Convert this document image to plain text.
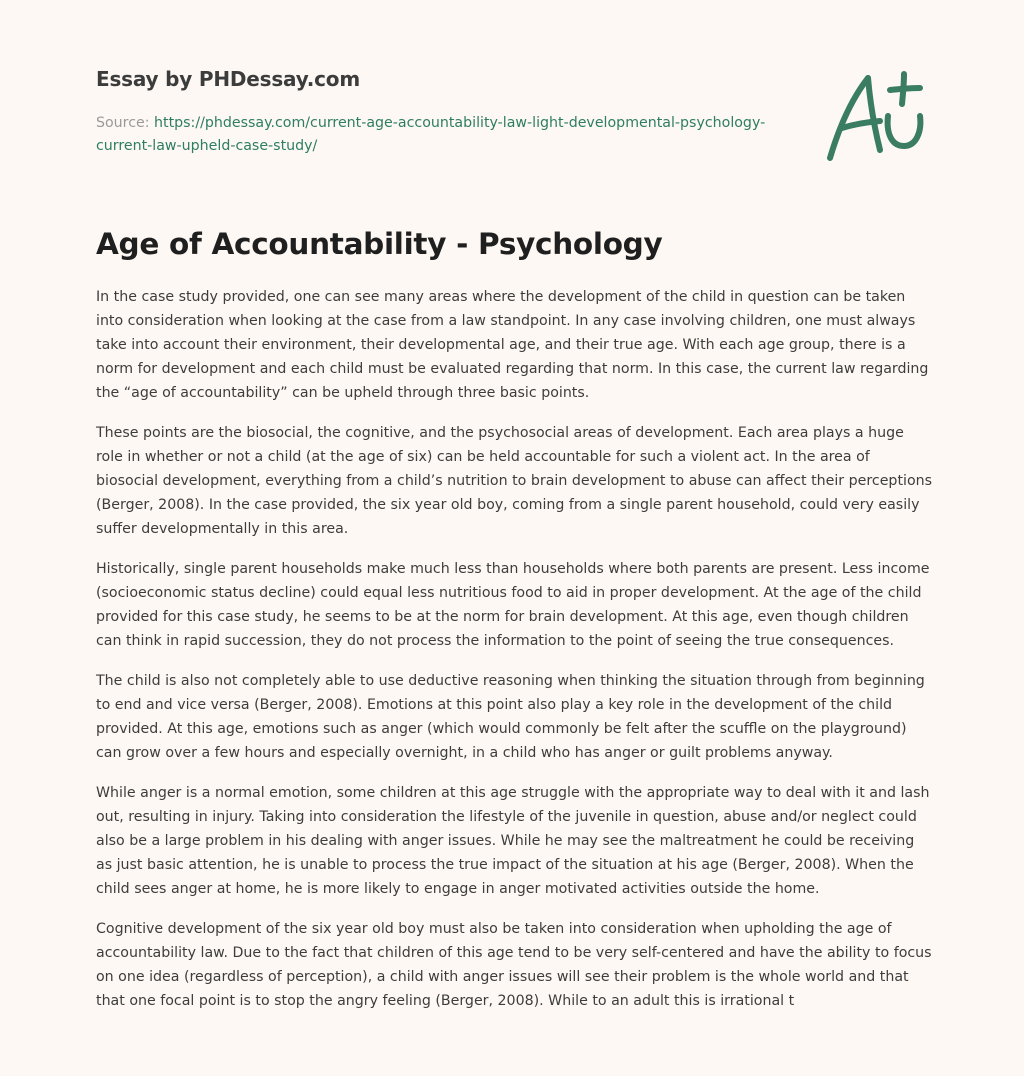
Essay by PHDessay.com
Source: https://phdessay.com/current-age-accountability-law-light-developmental-psychology-current-law-upheld-case-study/
Age of Accountability - Psychology

In the case study provided, one can see many areas where the development of the child in question can be taken into consideration when looking at the case from a law standpoint. In any case involving children, one must always take into account their environment, their developmental age, and their true age. With each age group, there is a norm for development and each child must be evaluated regarding that norm. In this case, the current law regarding the “age of accountability” can be upheld through three basic points.

These points are the biosocial, the cognitive, and the psychosocial areas of development. Each area plays a huge role in whether or not a child (at the age of six) can be held accountable for such a violent act. In the area of biosocial development, everything from a child’s nutrition to brain development to abuse can affect their perceptions (Berger, 2008). In the case provided, the six year old boy, coming from a single parent household, could very easily suffer developmentally in this area.

Historically, single parent households make much less than households where both parents are present. Less income (socioeconomic status decline) could equal less nutritious food to aid in proper development. At the age of the child provided for this case study, he seems to be at the norm for brain development. At this age, even though children can think in rapid succession, they do not process the information to the point of seeing the true consequences.

The child is also not completely able to use deductive reasoning when thinking the situation through from beginning to end and vice versa (Berger, 2008). Emotions at this point also play a key role in the development of the child provided. At this age, emotions such as anger (which would commonly be felt after the scuffle on the playground) can grow over a few hours and especially overnight, in a child who has anger or guilt problems anyway.

While anger is a normal emotion, some children at this age struggle with the appropriate way to deal with it and lash out, resulting in injury. Taking into consideration the lifestyle of the juvenile in question, abuse and/or neglect could also be a large problem in his dealing with anger issues. While he may see the maltreatment he could be receiving as just basic attention, he is unable to process the true impact of the situation at his age (Berger, 2008). When the child sees anger at home, he is more likely to engage in anger motivated activities outside the home.

Cognitive development of the six year old boy must also be taken into consideration when upholding the age of accountability law. Due to the fact that children of this age tend to be very self-centered and have the ability to focus on one idea (regardless of perception), a child with anger issues will see their problem is the whole world and that that one focal point is to stop the angry feeling (Berger, 2008). While to an adult this is irrational t
